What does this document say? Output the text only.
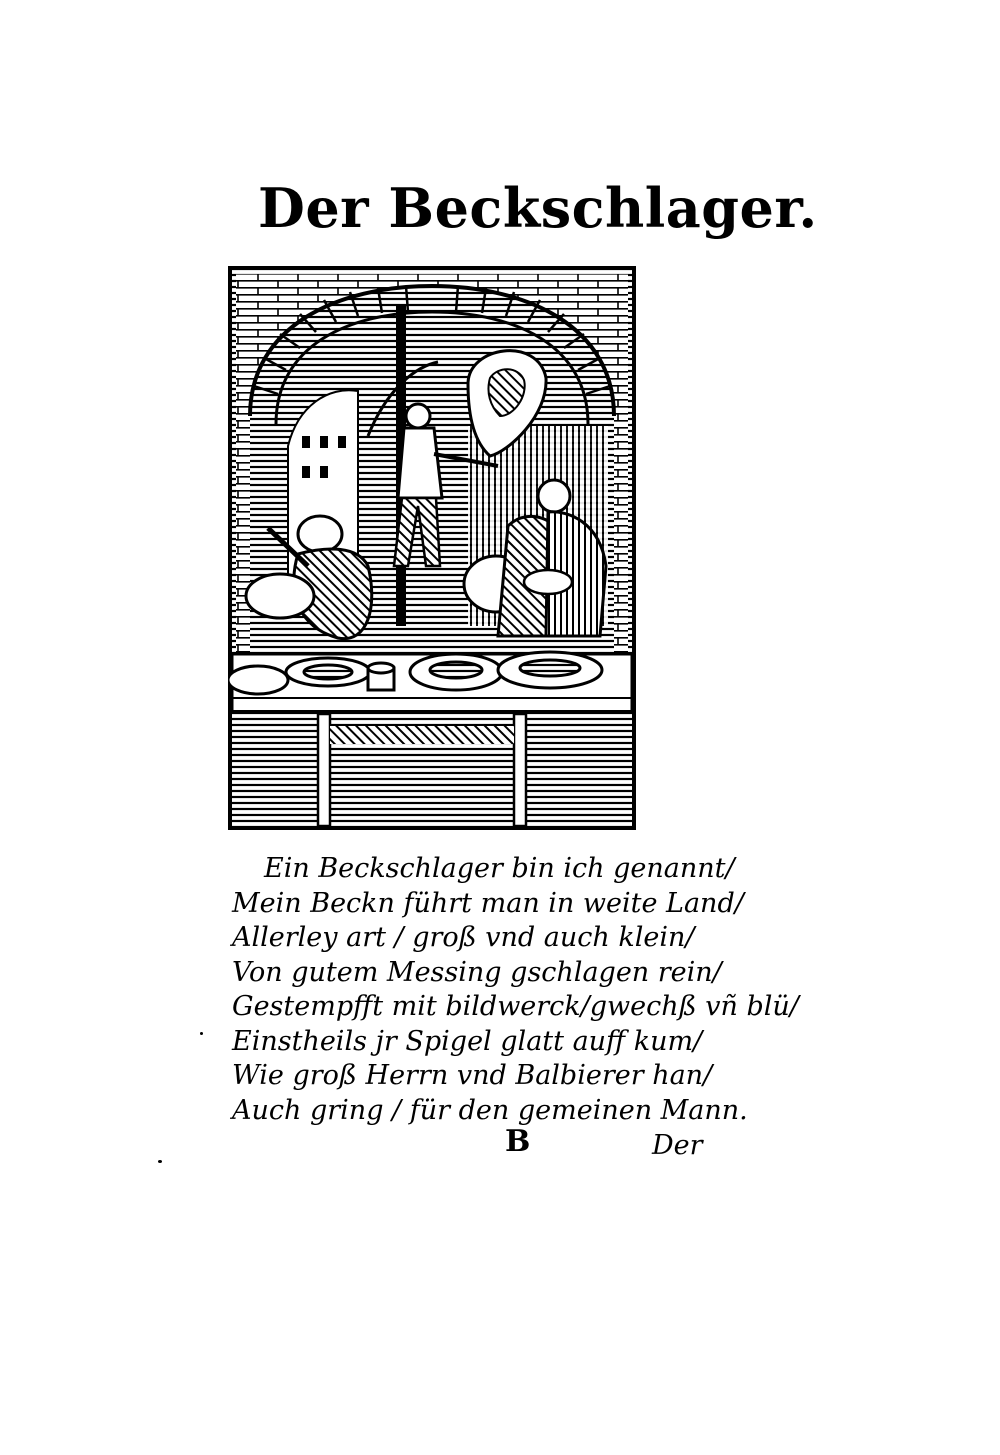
Der Beckschlager.
Ein Beckschlager bin ich genannt/
Mein Beckn führt man in weite Land/
Allerley art / groß vnd auch klein/
Von gutem Messing gschlagen rein/
Gestempfft mit bildwerck/gwechß vñ blü/
Einstheils jr Spigel glatt auff kum/
Wie groß Herrn vnd Balbierer han/
Auch gring / für den gemeinen Mann.
B	Der
